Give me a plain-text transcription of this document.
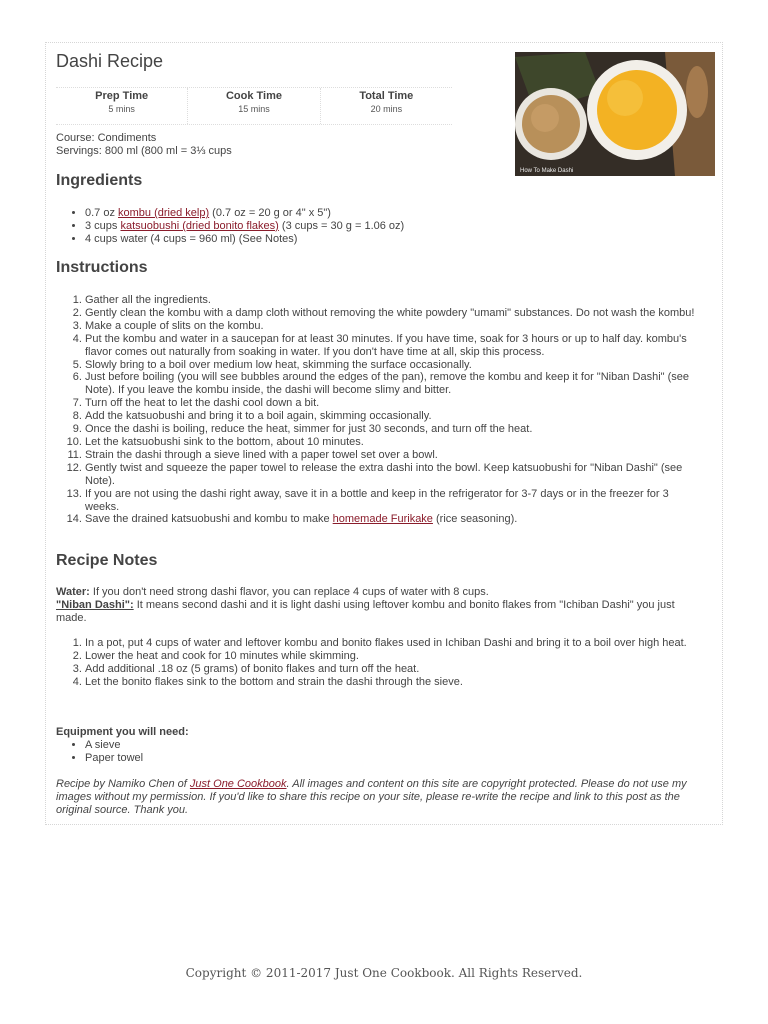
Dashi Recipe
How To Make Dashi
Prep Time
5 mins
Cook Time
15 mins
Total Time
20 mins
Course: Condiments
Servings: 800 ml (800 ml = 3⅓ cups
Ingredients
• 0.7 oz kombu (dried kelp) (0.7 oz = 20 g or 4" x 5")
• 3 cups katsuobushi (dried bonito flakes) (3 cups = 30 g = 1.06 oz)
• 4 cups water (4 cups = 960 ml) (See Notes)
Instructions
1. Gather all the ingredients.
2. Gently clean the kombu with a damp cloth without removing the white powdery "umami" substances. Do not wash the kombu!
3. Make a couple of slits on the kombu.
4. Put the kombu and water in a saucepan for at least 30 minutes. If you have time, soak for 3 hours or up to half day. kombu's flavor comes out naturally from soaking in water. If you don't have time at all, skip this process.
5. Slowly bring to a boil over medium low heat, skimming the surface occasionally.
6. Just before boiling (you will see bubbles around the edges of the pan), remove the kombu and keep it for "Niban Dashi" (see Note). If you leave the kombu inside, the dashi will become slimy and bitter.
7. Turn off the heat to let the dashi cool down a bit.
8. Add the katsuobushi and bring it to a boil again, skimming occasionally.
9. Once the dashi is boiling, reduce the heat, simmer for just 30 seconds, and turn off the heat.
10. Let the katsuobushi sink to the bottom, about 10 minutes.
11. Strain the dashi through a sieve lined with a paper towel set over a bowl.
12. Gently twist and squeeze the paper towel to release the extra dashi into the bowl. Keep katsuobushi for "Niban Dashi" (see Note).
13. If you are not using the dashi right away, save it in a bottle and keep in the refrigerator for 3-7 days or in the freezer for 3 weeks.
14. Save the drained katsuobushi and kombu to make homemade Furikake (rice seasoning).
Recipe Notes
Water: If you don't need strong dashi flavor, you can replace 4 cups of water with 8 cups.
"Niban Dashi": It means second dashi and it is light dashi using leftover kombu and bonito flakes from "Ichiban Dashi" you just made.
1. In a pot, put 4 cups of water and leftover kombu and bonito flakes used in Ichiban Dashi and bring it to a boil over high heat.
2. Lower the heat and cook for 10 minutes while skimming.
3. Add additional .18 oz (5 grams) of bonito flakes and turn off the heat.
4. Let the bonito flakes sink to the bottom and strain the dashi through the sieve.
Equipment you will need:
• A sieve
• Paper towel
Recipe by Namiko Chen of Just One Cookbook. All images and content on this site are copyright protected. Please do not use my images without my permission. If you'd like to share this recipe on your site, please re-write the recipe and link to this post as the original source. Thank you.
Copyright © 2011-2017 Just One Cookbook. All Rights Reserved.
